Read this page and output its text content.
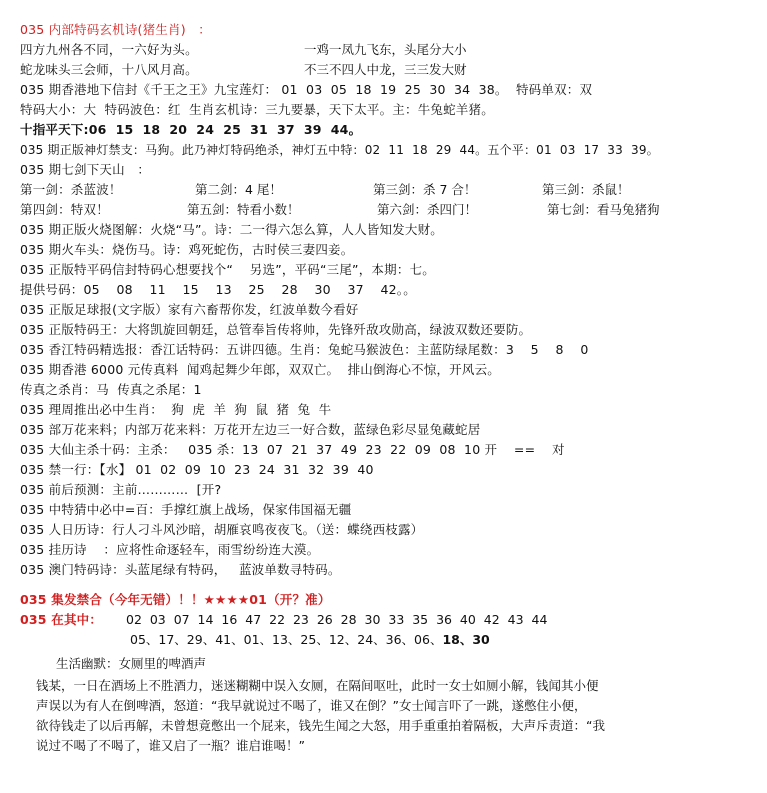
035 内部特码玄机诗(猪生肖)   ：
四方九州各不同，一六好为头。	一鸡一凤九飞东，头尾分大小
蛇龙味头三会师，十八风月高。	不三不四人中龙，三三发大财
035 期香港地下信封《千王之王》九宝莲灯： 01  03  05  18  19  25  30  34  38。  特码单双：双
特码大小：大  特码波色：红  生肖玄机诗：三九要暴，天下太平。主：牛兔蛇羊猪。
十指平天下:06  15  18  20  24  25  31  37  39  44。
035 期正版神灯禁支：马狗。此乃神灯特码绝杀，神灯五中特：02  11  18  29  44。五个平：01  03  17  33  39。
035 期七剑下天山   ：
第一剑：杀蓝波！	第二剑：4 尾！	第三剑：杀 7 合！	第三剑：杀鼠！
第四剑：特双！	第五剑：特看小数！	第六剑：杀四门！	第七剑：看马兔猪狗
035 期正版火烧图解：火烧“马”。诗：二一得六怎么算，人人皆知发大财。
035 期火车头：烧伤马。诗：鸡死蛇伤，古时侯三妻四妾。
035 正版特平码信封特码心想要找个“    另选”，平码“三尾”，本期：七。
提供号码：05    08    11    15    13    25    28    30    37    42。。
035 正版足球报(文字版）家有六畜帮你发，红波单数今看好
035 正版特码王：大将凯旋回朝廷，总管奉旨传将帅，先锋歼敌攻勋高，绿波双数还要防。
035 香江特码精选报：香江话特码：五讲四德。生肖：兔蛇马猴波色：主蓝防绿尾数：3    5    8    0
035 期香港 6000 元传真料  闻鸡起舞少年郎，双双亡。  排山倒海心不惊，开风云。
传真之杀肖：马  传真之杀尾：1
035 理周推出必中生肖：  狗  虎  羊  狗  鼠  猪  兔  牛
035 部万花来料；内部万花来料：万花开左边三一好合数，蓝绿色彩尽显兔藏蛇居
035 大仙主杀十码：主杀：   035 杀：13  07  21  37  49  23  22  09  08  10 开    ==    对
035 禁一行：【水】 01  02  09  10  23  24  31  32  39  40
035 前后预测：主前…………  [开?
035 中特猜中必中=百：手撑红旗上战场，保家伟国福无疆
035 人日历诗：行人刁斗风沙暗，胡雁哀鸣夜夜飞。（送：蝶绕西枝露）
035 挂历诗    ：应将性命逐轻车，雨雪纷纷连大漠。
035 澳门特码诗：头蓝尾绿有特码，   蓝波单数寻特码。
035 集发禁合（今年无错）！！★★★★01（开？准）
035 在其中： 02  03  07  14  16  47  22  23  26  28  30  33  35  36  40  42  43  44
05、17、29、41、01、13、25、12、24、36、06、18、30
生活幽默：女厕里的啤酒声
钱某，一日在酒场上不胜酒力，迷迷糊糊中误入女厕，在隔间呕吐，此时一女士如厕小解，钱闻其小便
声误以为有人在倒啤酒，怒道：“我早就说过不喝了，谁又在倒？”女士闻言吓了一跳，遂憋住小便，
欲待钱走了以后再解，未曾想竟憋出一个屁来，钱先生闻之大怒，用手重重拍着隔板，大声斥责道：“我
说过不喝了不喝了，谁又启了一瓶？谁启谁喝！”
